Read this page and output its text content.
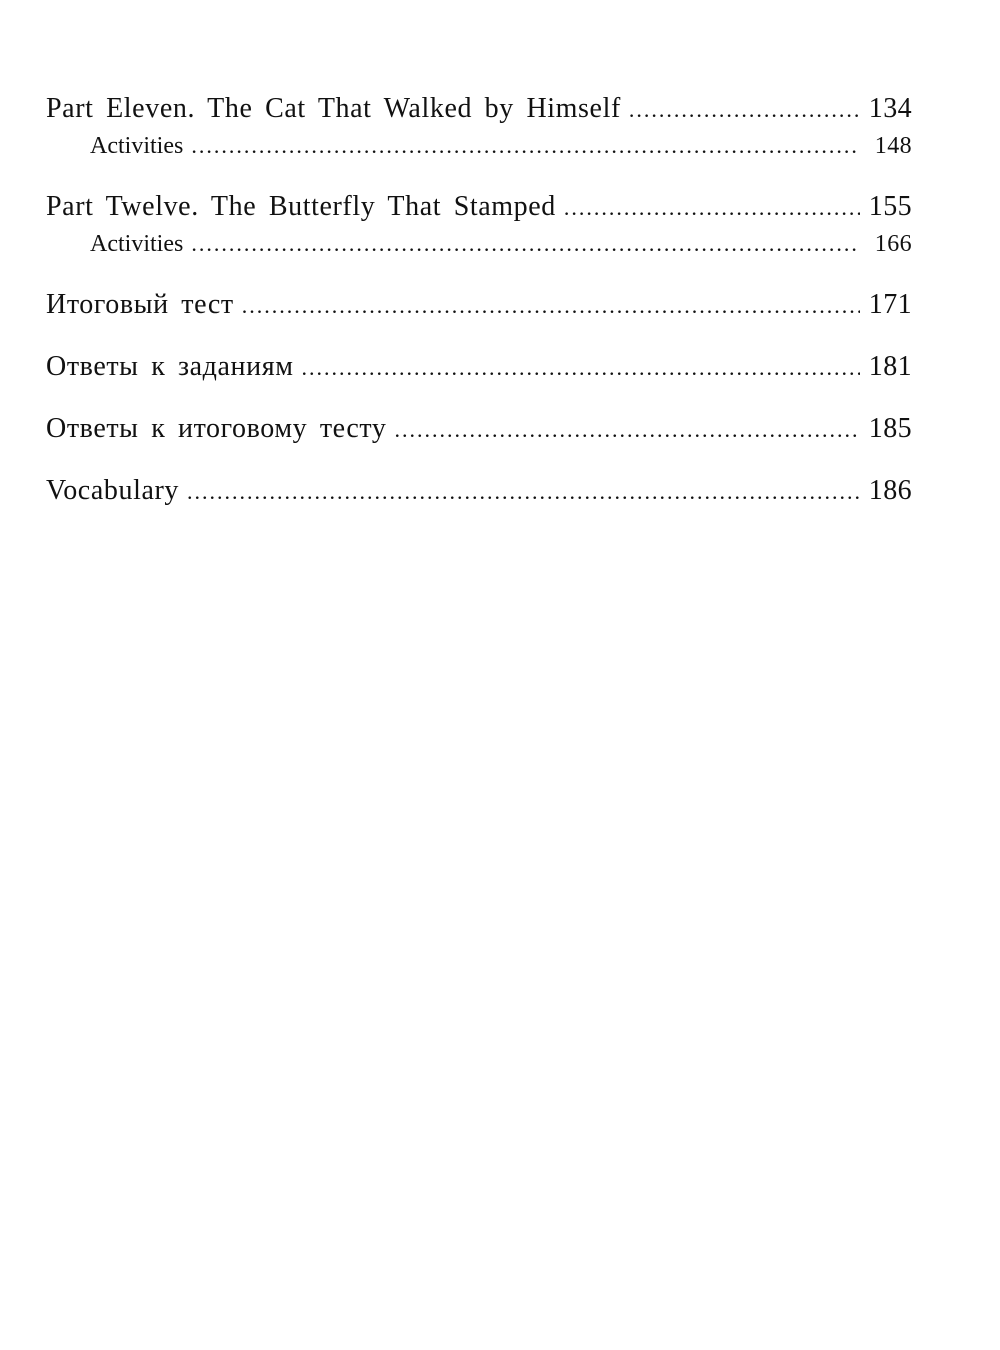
Part Eleven. The Cat That Walked by Himself .....	134
Activities .....	148
Part Twelve. The Butterfly That Stamped .....	155
Activities .....	166
Итоговый тест .....	171
Ответы к заданиям .....	181
Ответы к итоговому тесту .....	185
Vocabulary .....	186
